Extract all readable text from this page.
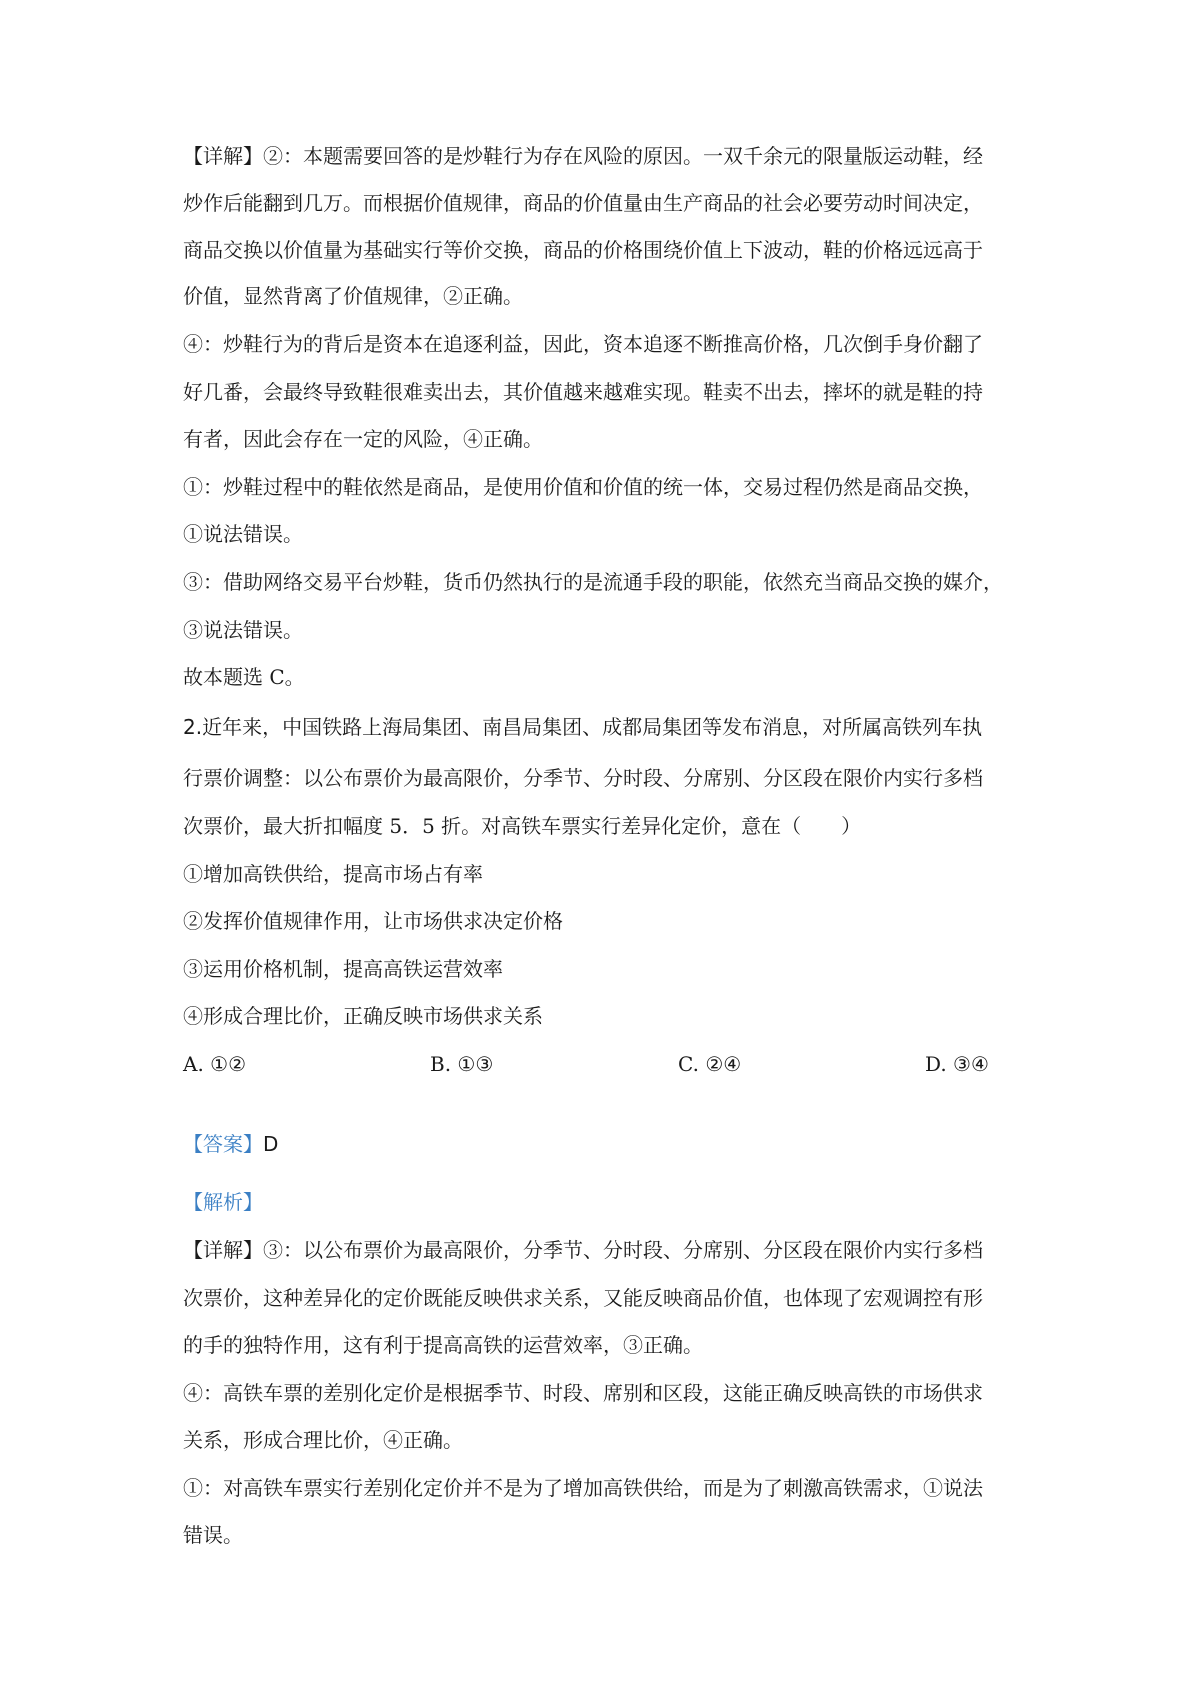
【详解】②：本题需要回答的是炒鞋行为存在风险的原因。一双千余元的限量版运动鞋，经
炒作后能翻到几万。而根据价值规律，商品的价值量由生产商品的社会必要劳动时间决定，
商品交换以价值量为基础实行等价交换，商品的价格围绕价值上下波动，鞋的价格远远高于
价值，显然背离了价值规律，②正确。
④：炒鞋行为的背后是资本在追逐利益，因此，资本追逐不断推高价格，几次倒手身价翻了
好几番，会最终导致鞋很难卖出去，其价值越来越难实现。鞋卖不出去，摔坏的就是鞋的持
有者，因此会存在一定的风险，④正确。
①：炒鞋过程中的鞋依然是商品，是使用价值和价值的统一体，交易过程仍然是商品交换，
①说法错误。
③：借助网络交易平台炒鞋，货币仍然执行的是流通手段的职能，依然充当商品交换的媒介，
③说法错误。
故本题选 C。
2.近年来，中国铁路上海局集团、南昌局集团、成都局集团等发布消息，对所属高铁列车执
行票价调整：以公布票价为最高限价，分季节、分时段、分席别、分区段在限价内实行多档
次票价，最大折扣幅度 5．5 折。对高铁车票实行差异化定价，意在（　　）
①增加高铁供给，提高市场占有率
②发挥价值规律作用，让市场供求决定价格
③运用价格机制，提高高铁运营效率
④形成合理比价，正确反映市场供求关系
A. ①②	B. ①③	C. ②④	D. ③④
【答案】D
【解析】
【详解】③：以公布票价为最高限价，分季节、分时段、分席别、分区段在限价内实行多档
次票价，这种差异化的定价既能反映供求关系，又能反映商品价值，也体现了宏观调控有形
的手的独特作用，这有利于提高高铁的运营效率，③正确。
④：高铁车票的差别化定价是根据季节、时段、席别和区段，这能正确反映高铁的市场供求
关系，形成合理比价，④正确。
①：对高铁车票实行差别化定价并不是为了增加高铁供给，而是为了刺激高铁需求，①说法
错误。
